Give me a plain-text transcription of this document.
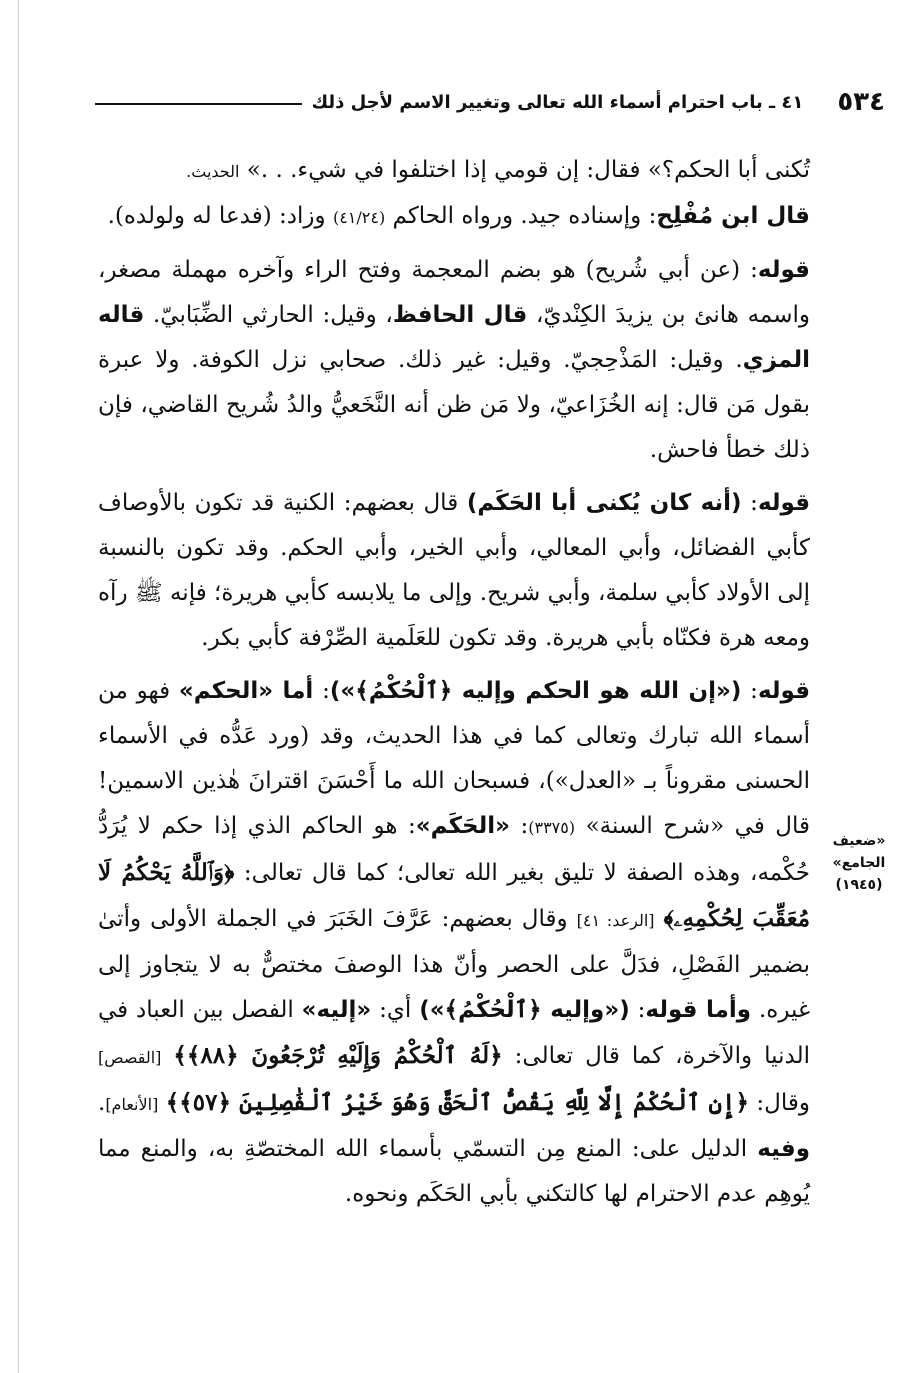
٥٣٤
٤١ ـ باب احترام أسماء الله تعالى وتغيير الاسم لأجل ذلك
«ضعيف
الجامع»
(١٩٤٥)

تُكنى أبا الحكم؟» فقال: إن قومي إذا اختلفوا في شيء. . .» الحديث.

قال ابن مُفْلِح: وإسناده جيد. ورواه الحاكم (٤١/٢٤) وزاد: (فدعا له ولولده).

قوله: (عن أبي شُريح) هو بضم المعجمة وفتح الراء وآخره مهملة مصغر، واسمه هانئ بن يزيدَ الكِنْديّ، قال الحافظ، وقيل: الحارثي الضِّبَابيّ. قاله المزي. وقيل: المَذْحِجيّ. وقيل: غير ذلك. صحابي نزل الكوفة. ولا عبرة بقول مَن قال: إنه الخُزَاعيّ، ولا مَن ظن أنه النَّخَعيُّ والدُ شُريح القاضي، فإن ذلك خطأ فاحش.

قوله: (أنه كان يُكنى أبا الحَكَم) قال بعضهم: الكنية قد تكون بالأوصاف كأبي الفضائل، وأبي المعالي، وأبي الخير، وأبي الحكم. وقد تكون بالنسبة إلى الأولاد كأبي سلمة، وأبي شريح. وإلى ما يلابسه كأبي هريرة؛ فإنه ﷺ رآه ومعه هرة فكنّاه بأبي هريرة. وقد تكون للعَلَمية الصِّرْفة كأبي بكر.

قوله: («إن الله هو الحكم وإليه ﴿ٱلْحُكْمُ﴾»): أما «الحكم» فهو من أسماء الله تبارك وتعالى كما في هذا الحديث، وقد (ورد عَدُّه في الأسماء الحسنى مقروناً بـ «العدل»)، فسبحان الله ما أَحْسَنَ اقترانَ هٰذين الاسمين! قال في «شرح السنة» (٣٣٧٥): «الحَكَم»: هو الحاكم الذي إذا حكم لا يُرَدُّ حُكْمه، وهذه الصفة لا تليق بغير الله تعالى؛ كما قال تعالى: ﴿وَٱللَّهُ يَحْكُمُ لَا مُعَقِّبَ لِحُكْمِهِۦ﴾ [الرعد: ٤١] وقال بعضهم: عَرَّفَ الخَبَرَ في الجملة الأولى وأتىٰ بضمير الفَصْلِ، فدَلَّ على الحصر وأنّ هذا الوصفَ مختصٌّ به لا يتجاوز إلى غيره. وأما قوله: («وإليه ﴿ٱلْحُكْمُ﴾») أي: «إليه» الفصل بين العباد في الدنيا والآخرة، كما قال تعالى: ﴿لَهُ ٱلْحُكْمُ وَإِلَيْهِ تُرْجَعُونَ ﴿٨٨﴾﴾ [القصص] وقال: ﴿إِنِ ٱلْحُكْمُ إِلَّا لِلَّهِ يَقُصُّ ٱلْحَقَّ وَهُوَ خَيْرُ ٱلْفَٰصِلِينَ ﴿٥٧﴾﴾ [الأنعام]. وفيه الدليل على: المنع مِن التسمّي بأسماء الله المختصّةِ به، والمنع مما يُوهِم عدم الاحترام لها كالتكني بأبي الحَكَم ونحوه.
